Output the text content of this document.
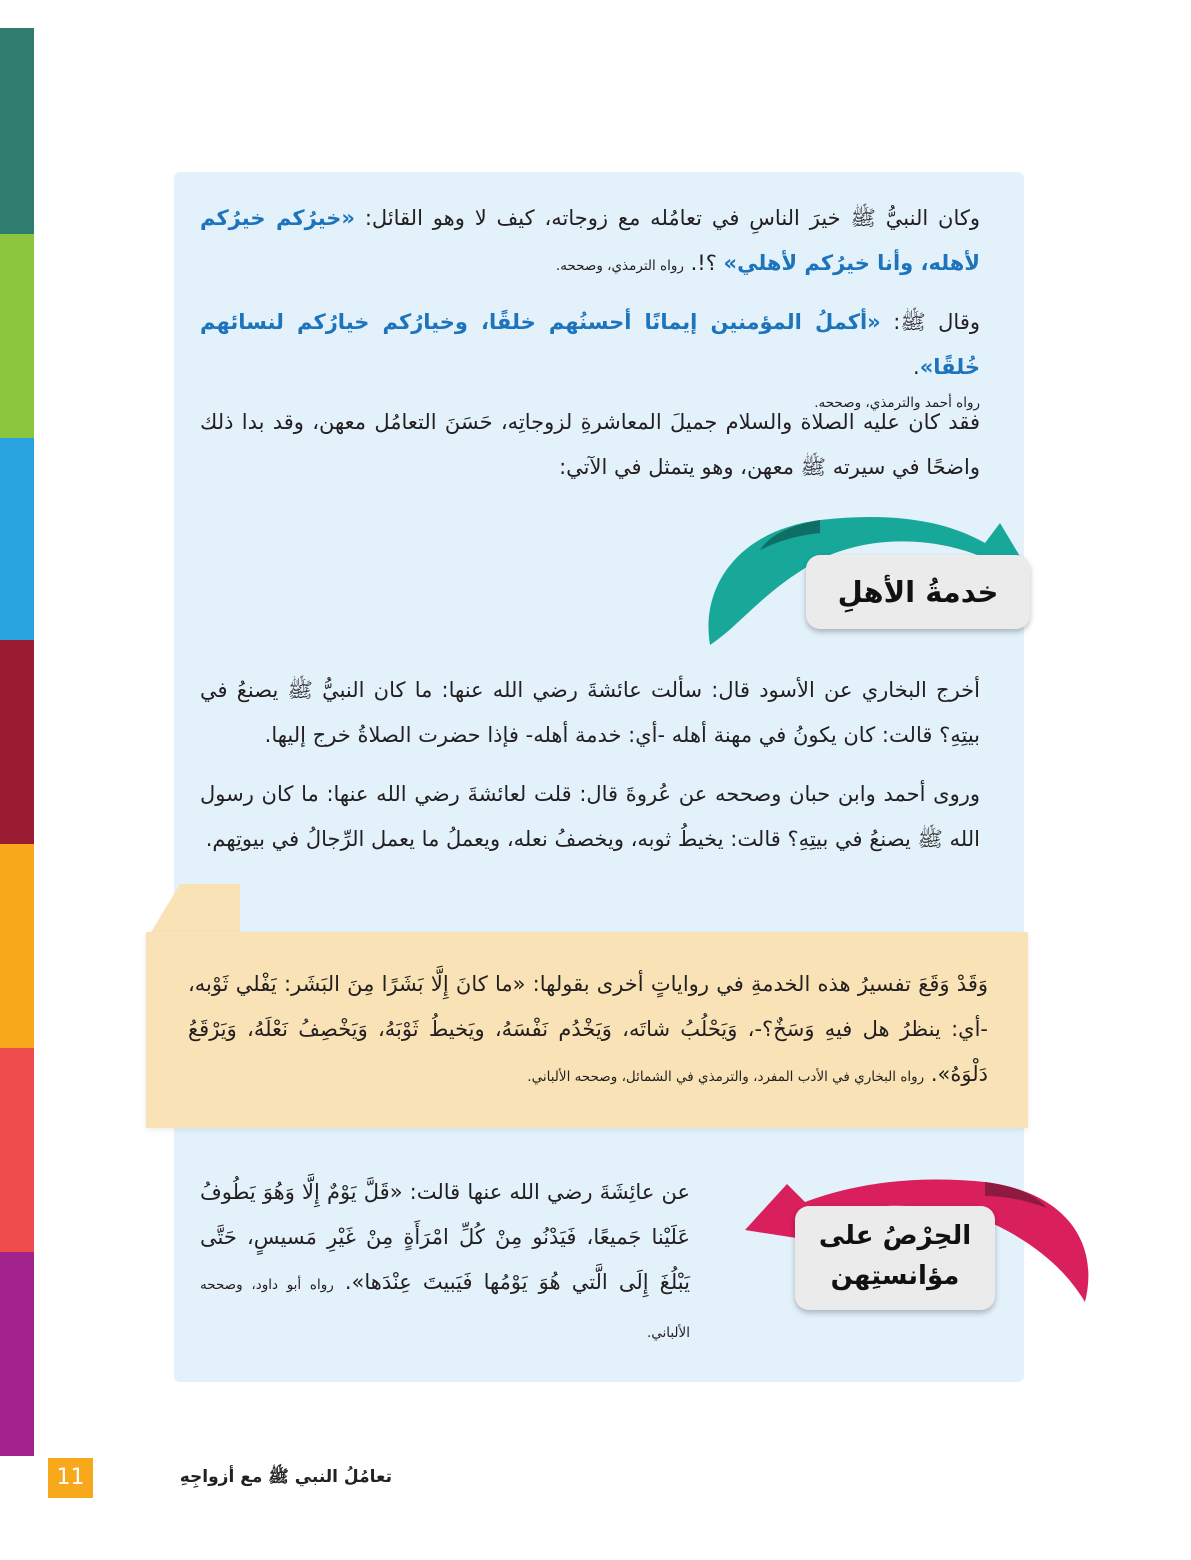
وكان النبيُّ ﷺ خيرَ الناسِ في تعامُله مع زوجاته، كيف لا وهو القائل: «خيرُكم خيرُكم لأهله، وأنا خيرُكم لأهلي» ؟!. رواه الترمذي، وصححه.

وقال ﷺ: «أكملُ المؤمنين إيمانًا أحسنُهم خلقًا، وخيارُكم خيارُكم لنسائهم خُلقًا».
رواه أحمد والترمذي، وصححه.

فقد كان عليه الصلاة والسلام جميلَ المعاشرةِ لزوجاتِه، حَسَنَ التعامُل معهن، وقد بدا ذلك واضحًا في سيرته ﷺ معهن، وهو يتمثل في الآتي:

خدمةُ الأهلِ

أخرج البخاري عن الأسود قال: سألت عائشةَ رضي الله عنها: ما كان النبيُّ ﷺ يصنعُ في بيتِهِ؟ قالت: كان يكونُ في مهنة أهله -أي: خدمة أهله- فإذا حضرت الصلاةُ خرج إليها.

وروى أحمد وابن حبان وصححه عن عُروةَ قال: قلت لعائشةَ رضي الله عنها: ما كان رسول الله ﷺ يصنعُ في بيتِهِ؟ قالت: يخيطُ ثوبه، ويخصفُ نعله، ويعملُ ما يعمل الرِّجالُ في بيوتِهم.

وَقَدْ وَقَعَ تفسيرُ هذه الخدمةِ في رواياتٍ أخرى بقولها: «ما كانَ إِلَّا بَشَرًا مِنَ البَشَر: يَفْلي ثَوْبه، -أي: ينظرُ هل فيهِ وَسَخٌ؟-، وَيَحْلُبُ شاتَه، وَيَخْدُم نَفْسَهُ، ويَخيطُ ثَوْبَهُ، وَيَخْصِفُ نَعْلَهُ، وَيَرْقَعُ دَلْوَهُ». رواه البخاري في الأدب المفرد، والترمذي في الشمائل، وصححه الألباني.

الحِرْصُ على
مؤانستِهن

عن عائِشَةَ رضي الله عنها قالت: «قَلَّ يَوْمٌ إِلَّا وَهُوَ يَطُوفُ عَلَيْنا جَميعًا، فَيَدْنُو مِنْ كُلِّ امْرَأَةٍ مِنْ غَيْرِ مَسيسٍ، حَتَّى يَبْلُغَ إِلَى الَّتي هُوَ يَوْمُها فَيَبيتَ عِنْدَها». رواه أبو داود، وصححه الألباني.

11	تعامُلُ النبي ﷺ مع أزواجِهِ
